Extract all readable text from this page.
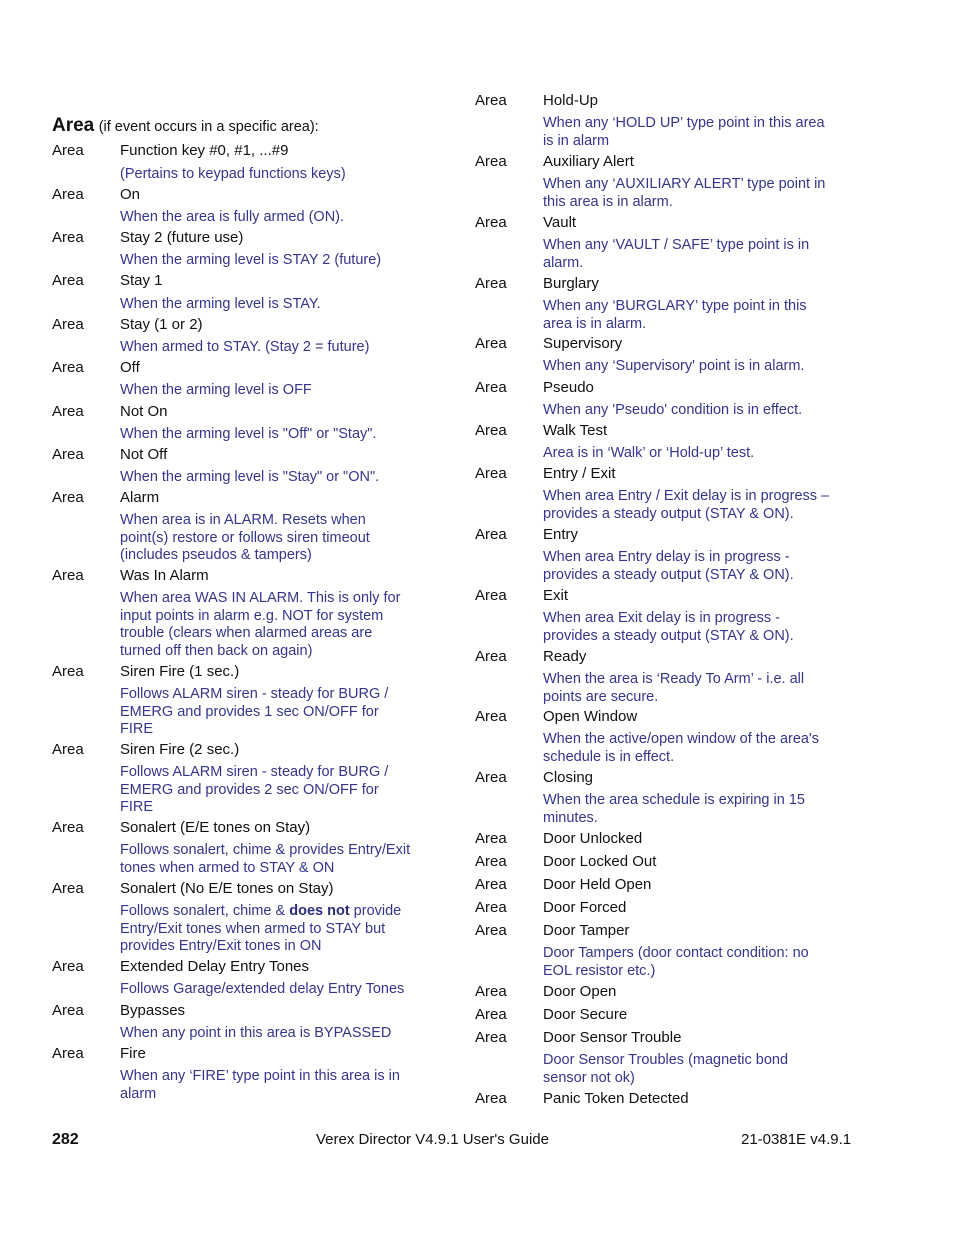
Area (if event occurs in a specific area):
Area Function key #0, #1, ...#9
(Pertains to keypad functions keys)
Area On
When the area is fully armed (ON).
Area Stay 2 (future use)
When the arming level is STAY 2 (future)
Area Stay 1
When the arming level is STAY.
Area Stay (1 or 2)
When armed to STAY. (Stay 2 = future)
Area Off
When the arming level is OFF
Area Not On
When the arming level is "Off" or "Stay".
Area Not Off
When the arming level is "Stay" or "ON".
Area Alarm
When area is in ALARM. Resets when
point(s) restore or follows siren timeout
(includes pseudos & tampers)
Area Was In Alarm
When area WAS IN ALARM. This is only for
input points in alarm e.g. NOT for system
trouble (clears when alarmed areas are
turned off then back on again)
Area Siren Fire (1 sec.)
Follows ALARM siren - steady for BURG /
EMERG and provides 1 sec ON/OFF for
FIRE
Area Siren Fire (2 sec.)
Follows ALARM siren - steady for BURG /
EMERG and provides 2 sec ON/OFF for
FIRE
Area Sonalert (E/E tones on Stay)
Follows sonalert, chime & provides Entry/Exit
tones when armed to STAY & ON
Area Sonalert (No E/E tones on Stay)
Follows sonalert, chime & does not provide
Entry/Exit tones when armed to STAY but
provides Entry/Exit tones in ON
Area Extended Delay Entry Tones
Follows Garage/extended delay Entry Tones
Area Bypasses
When any point in this area is BYPASSED
Area Fire
When any ‘FIRE’ type point in this area is in
alarm
Area Hold-Up
When any ‘HOLD UP’ type point in this area
is in alarm
Area Auxiliary Alert
When any ‘AUXILIARY ALERT’ type point in
this area is in alarm.
Area Vault
When any ‘VAULT / SAFE’ type point is in
alarm.
Area Burglary
When any ‘BURGLARY’ type point in this
area is in alarm.
Area Supervisory
When any ‘Supervisory' point is in alarm.
Area Pseudo
When any 'Pseudo' condition is in effect.
Area Walk Test
Area is in ‘Walk’ or ‘Hold-up’ test.
Area Entry / Exit
When area Entry / Exit delay is in progress –
provides a steady output (STAY & ON).
Area Entry
When area Entry delay is in progress -
provides a steady output (STAY & ON).
Area Exit
When area Exit delay is in progress -
provides a steady output (STAY & ON).
Area Ready
When the area is ‘Ready To Arm’ - i.e. all
points are secure.
Area Open Window
When the active/open window of the area's
schedule is in effect.
Area Closing
When the area schedule is expiring in 15
minutes.
Area Door Unlocked
Area Door Locked Out
Area Door Held Open
Area Door Forced
Area Door Tamper
Door Tampers (door contact condition: no
EOL resistor etc.)
Area Door Open
Area Door Secure
Area Door Sensor Trouble
Door Sensor Troubles (magnetic bond
sensor not ok)
Area Panic Token Detected
282	Verex Director V4.9.1 User's Guide	21-0381E v4.9.1
